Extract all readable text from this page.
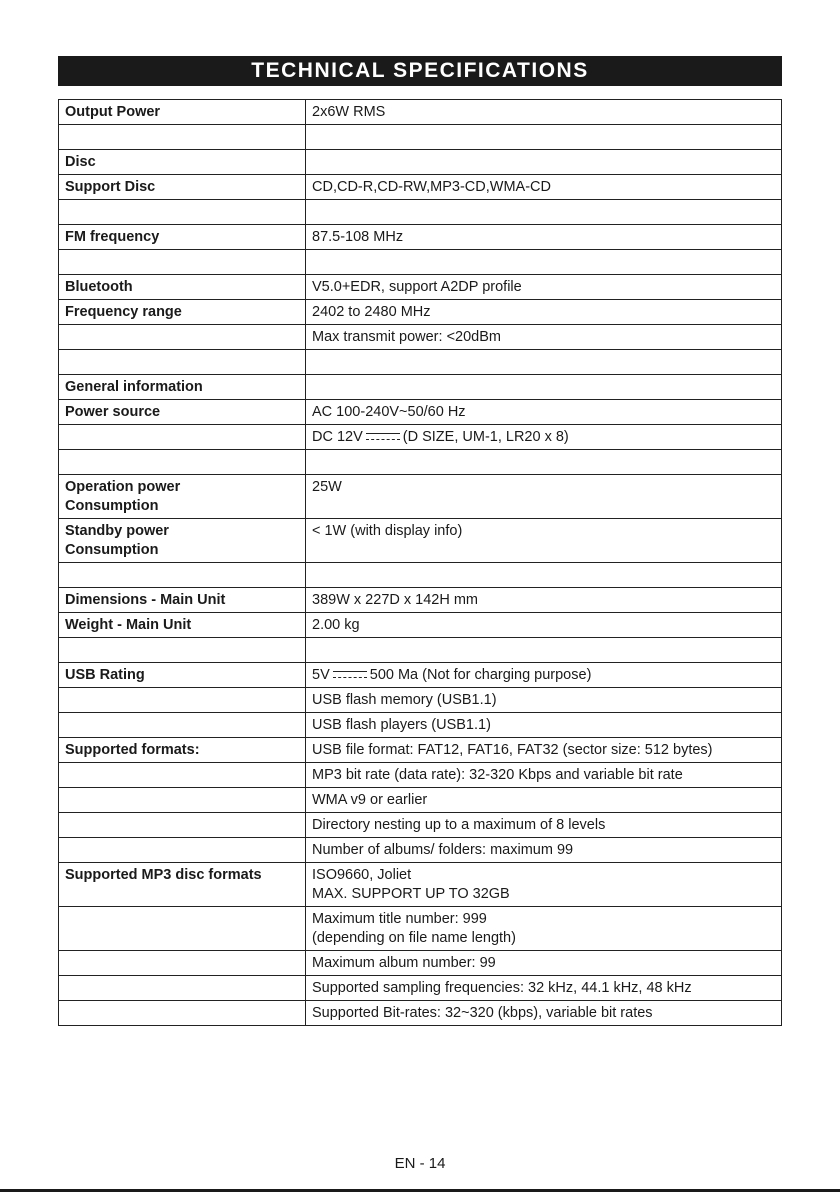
TECHNICAL SPECIFICATIONS
Output Power	2x6W RMS

Disc	
Support Disc	CD,CD-R,CD-RW,MP3-CD,WMA-CD

FM frequency	87.5-108 MHz

Bluetooth	V5.0+EDR, support A2DP profile
Frequency range	2402 to 2480 MHz
	Max transmit power: <20dBm

General information	
Power source	AC 100-240V~50/60 Hz
	DC 12V (D SIZE, UM-1, LR20 x 8)

Operation power
Consumption	25W
Standby power
Consumption	< 1W (with display info)

Dimensions - Main Unit	389W x 227D x 142H mm
Weight - Main Unit	2.00 kg

USB Rating	5V 500 Ma (Not for charging purpose)
	USB flash memory (USB1.1)
	USB flash players (USB1.1)
Supported formats:	USB file format: FAT12, FAT16, FAT32 (sector size: 512 bytes)
	MP3 bit rate (data rate): 32-320 Kbps and variable bit rate
	WMA v9 or earlier
	Directory nesting up to a maximum of 8 levels
	Number of albums/ folders: maximum 99
Supported MP3 disc formats	ISO9660, Joliet
MAX. SUPPORT UP TO 32GB
	Maximum title number: 999
(depending on file name length)
	Maximum album number: 99
	Supported sampling frequencies: 32 kHz, 44.1 kHz, 48 kHz
	Supported Bit-rates: 32~320 (kbps), variable bit rates
EN - 14
